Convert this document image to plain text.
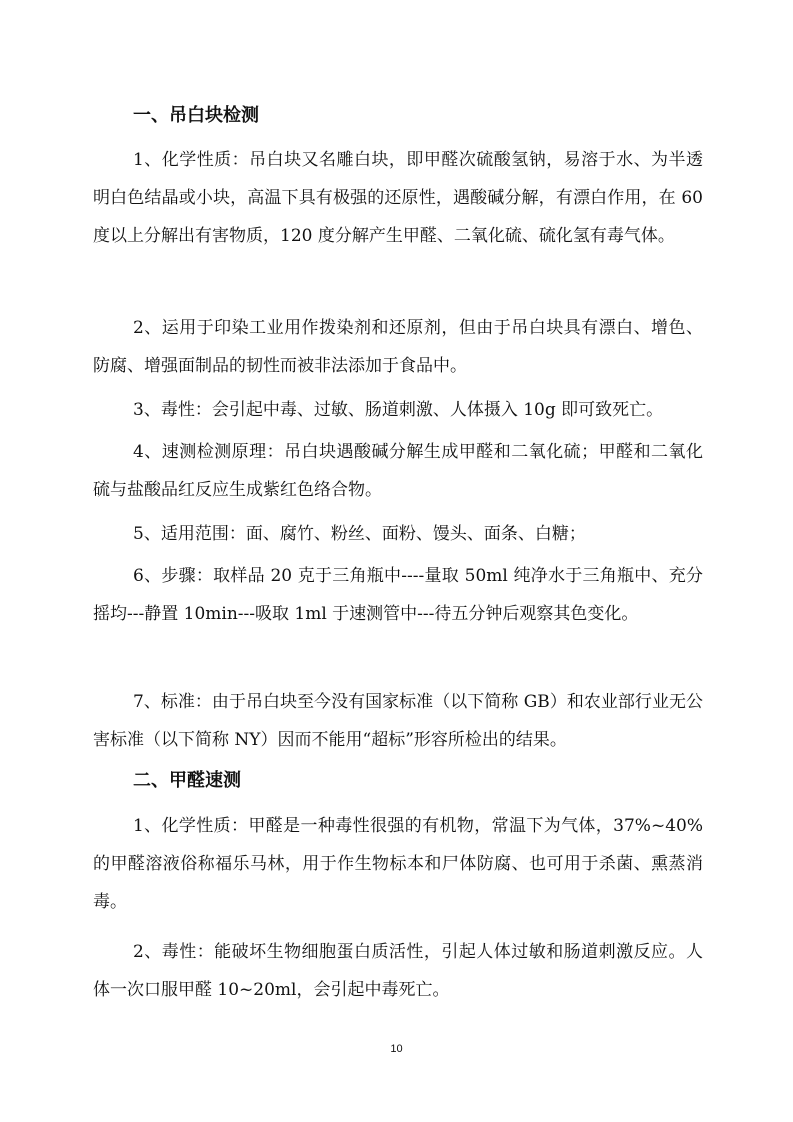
一、吊白块检测

1、化学性质：吊白块又名雕白块，即甲醛次硫酸氢钠，易溶于水、为半透明白色结晶或小块，高温下具有极强的还原性，遇酸碱分解，有漂白作用，在 60 度以上分解出有害物质，120 度分解产生甲醛、二氧化硫、硫化氢有毒气体。

2、运用于印染工业用作拨染剂和还原剂，但由于吊白块具有漂白、增色、防腐、增强面制品的韧性而被非法添加于食品中。

3、毒性：会引起中毒、过敏、肠道刺激、人体摄入 10g 即可致死亡。

4、速测检测原理：吊白块遇酸碱分解生成甲醛和二氧化硫；甲醛和二氧化硫与盐酸品红反应生成紫红色络合物。

5、适用范围：面、腐竹、粉丝、面粉、馒头、面条、白糖；

6、步骤：取样品 20 克于三角瓶中----量取 50ml 纯净水于三角瓶中、充分摇均---静置 10min---吸取 1ml 于速测管中---待五分钟后观察其色变化。

7、标准：由于吊白块至今没有国家标准（以下简称 GB）和农业部行业无公害标准（以下简称 NY）因而不能用“超标”形容所检出的结果。

二、甲醛速测

1、化学性质：甲醛是一种毒性很强的有机物，常温下为气体，37%~40%的甲醛溶液俗称福乐马林，用于作生物标本和尸体防腐、也可用于杀菌、熏蒸消毒。

2、毒性：能破坏生物细胞蛋白质活性，引起人体过敏和肠道刺激反应。人体一次口服甲醛 10~20ml，会引起中毒死亡。

10
